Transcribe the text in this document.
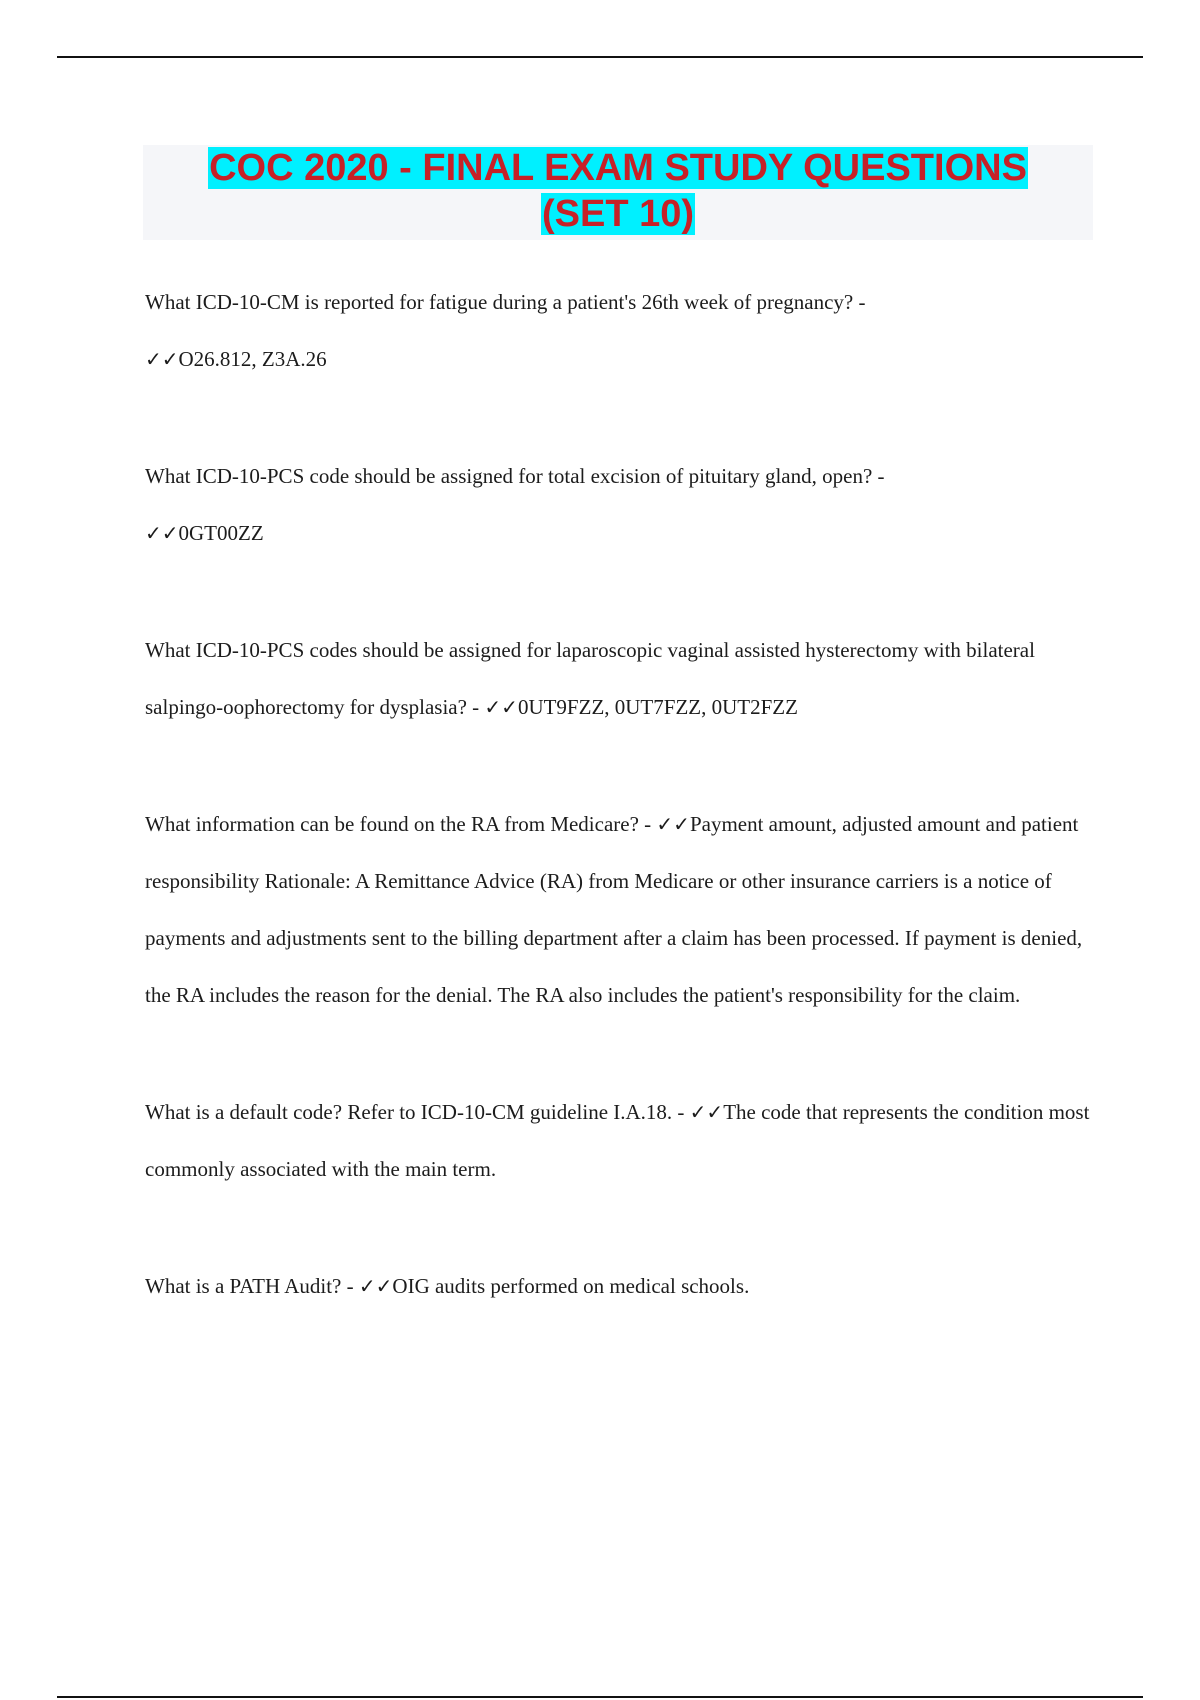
COC 2020 - FINAL EXAM STUDY QUESTIONS
(SET 10)

What ICD-10-CM is reported for fatigue during a patient's 26th week of pregnancy? -
✓✓O26.812, Z3A.26

What ICD-10-PCS code should be assigned for total excision of pituitary gland, open? -
✓✓0GT00ZZ

What ICD-10-PCS codes should be assigned for laparoscopic vaginal assisted hysterectomy with bilateral salpingo-oophorectomy for dysplasia? - ✓✓0UT9FZZ, 0UT7FZZ, 0UT2FZZ

What information can be found on the RA from Medicare? - ✓✓Payment amount, adjusted amount and patient responsibility Rationale: A Remittance Advice (RA) from Medicare or other insurance carriers is a notice of payments and adjustments sent to the billing department after a claim has been processed. If payment is denied, the RA includes the reason for the denial. The RA also includes the patient's responsibility for the claim.

What is a default code? Refer to ICD-10-CM guideline I.A.18. - ✓✓The code that represents the condition most commonly associated with the main term.

What is a PATH Audit? - ✓✓OIG audits performed on medical schools.
